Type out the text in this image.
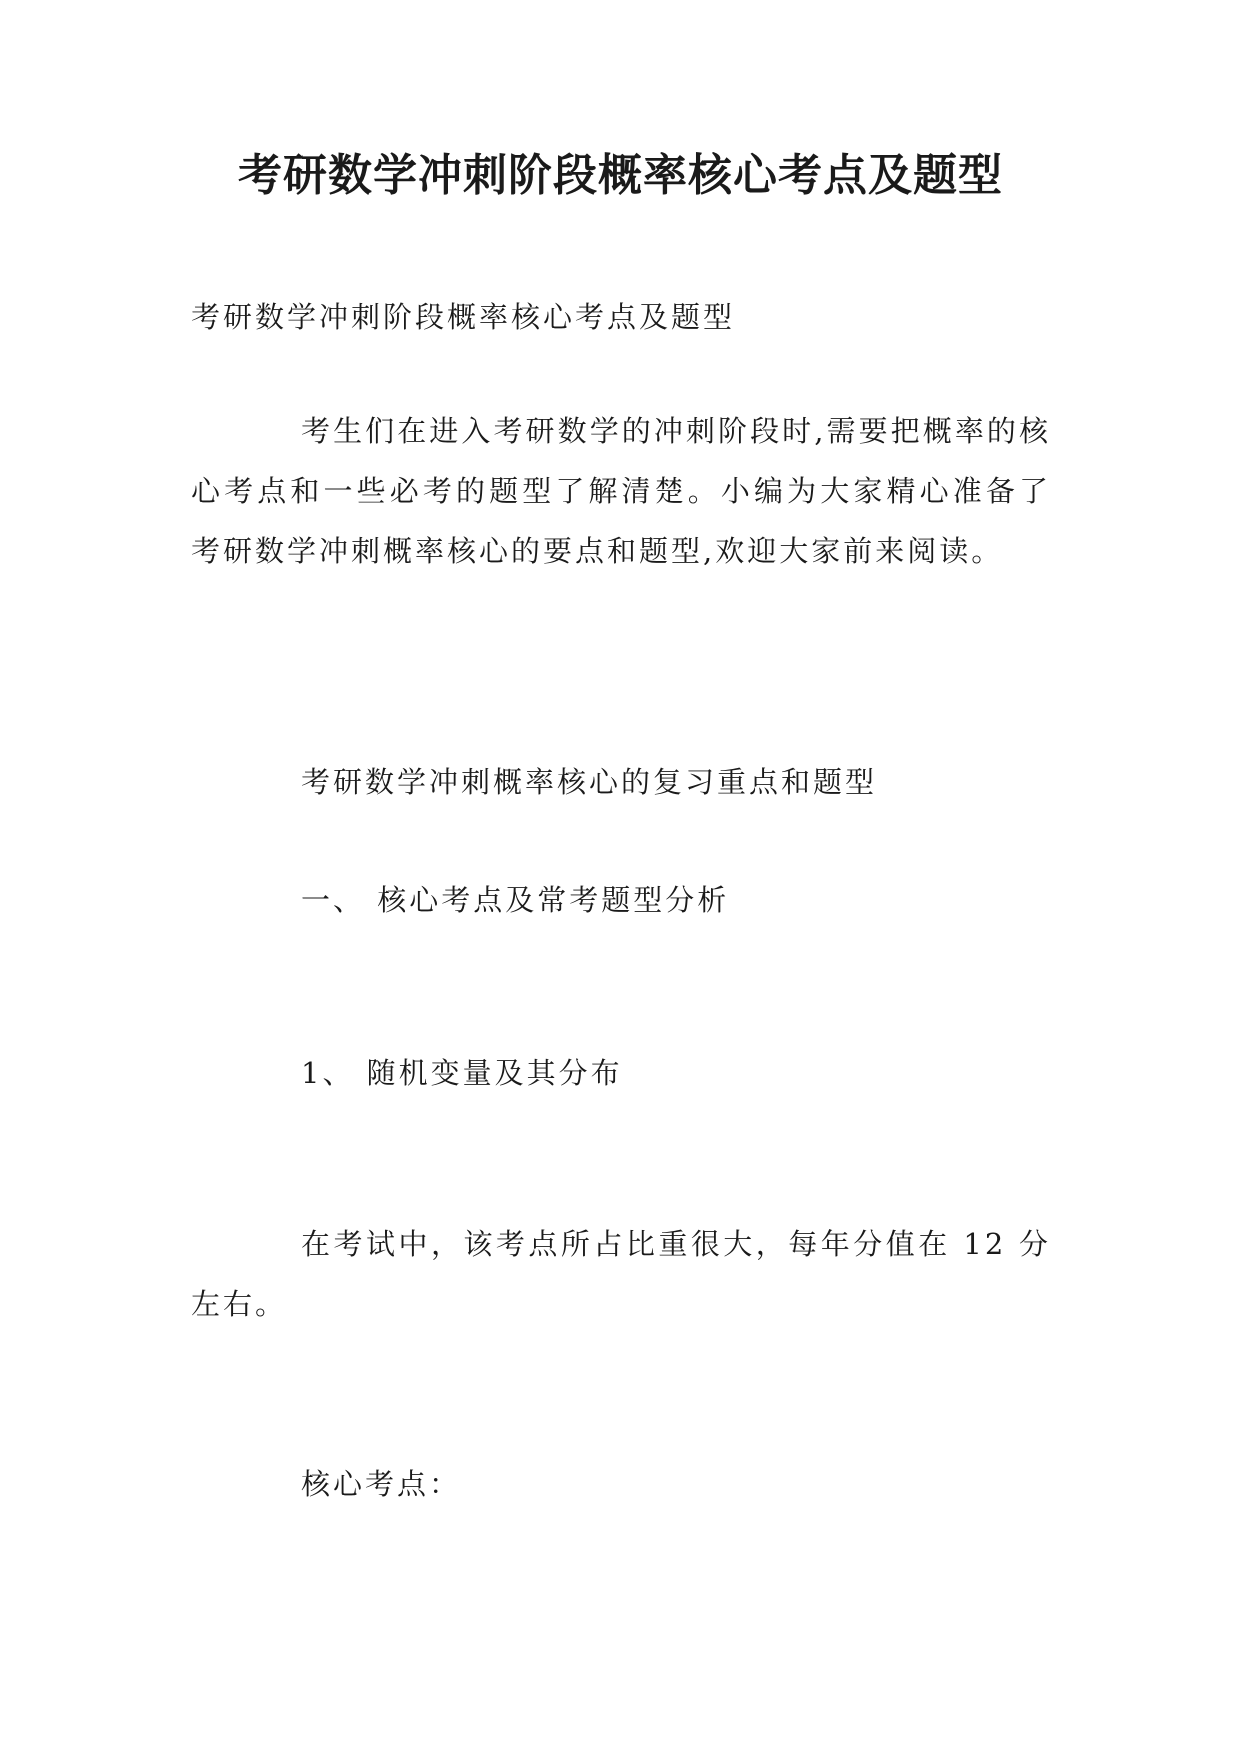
考研数学冲刺阶段概率核心考点及题型
考研数学冲刺阶段概率核心考点及题型
考生们在进入考研数学的冲刺阶段时,需要把概率的核心考点和一些必考的题型了解清楚。小编为大家精心准备了考研数学冲刺概率核心的要点和题型,欢迎大家前来阅读。
考研数学冲刺概率核心的复习重点和题型
一、 核心考点及常考题型分析
1、 随机变量及其分布
在考试中，该考点所占比重很大，每年分值在 12 分左右。
核心考点：
